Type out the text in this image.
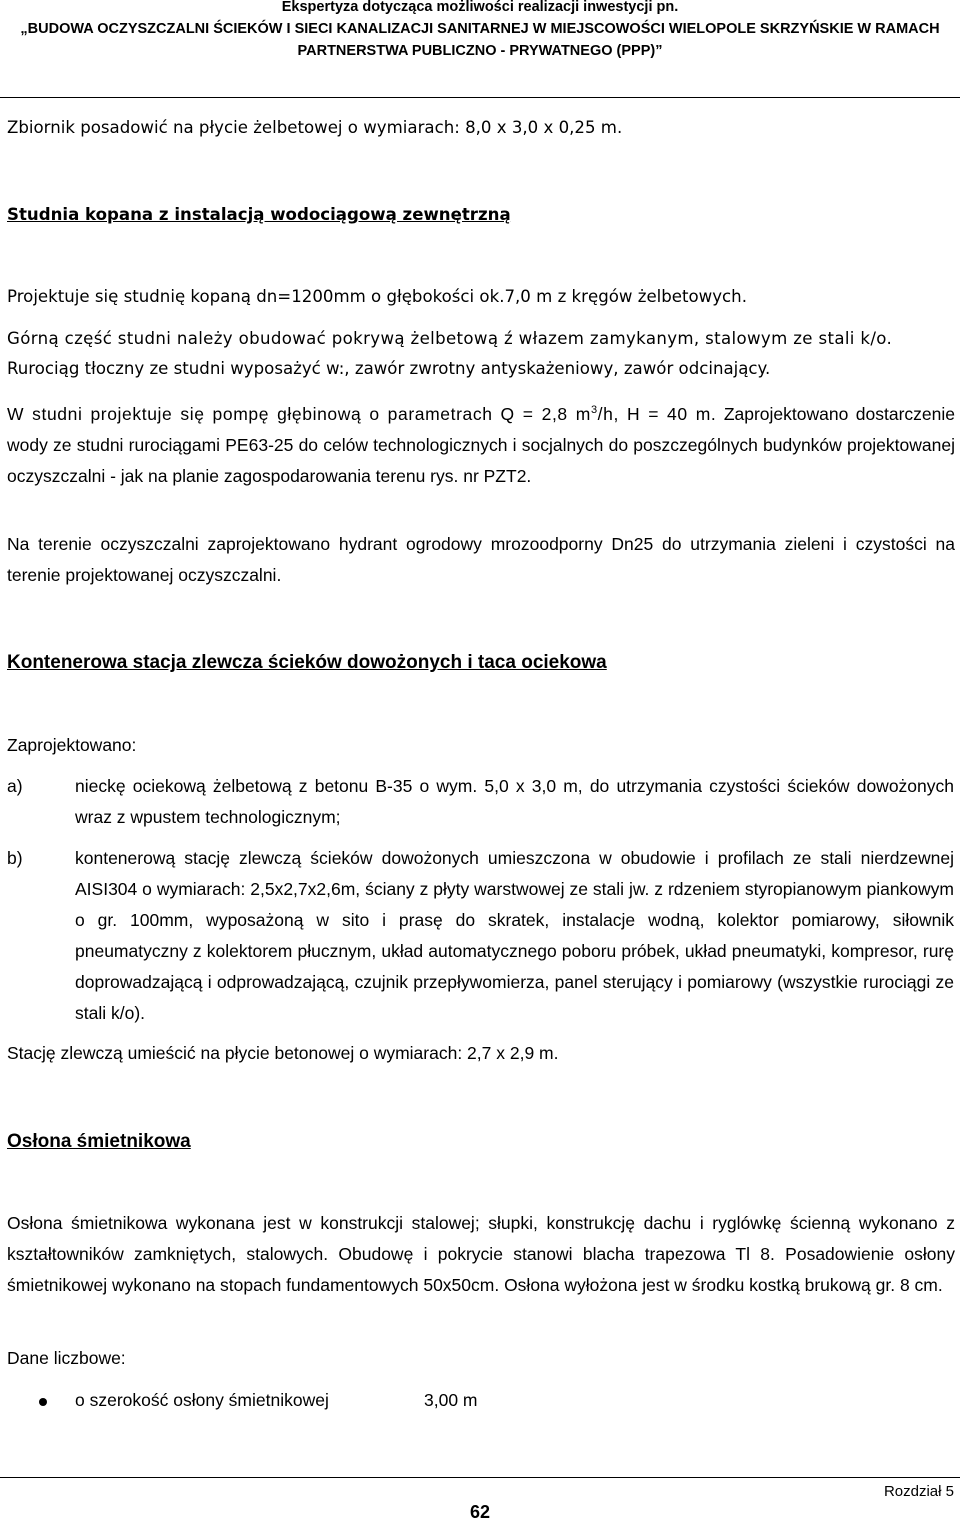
Ekspertyza dotycząca możliwości realizacji inwestycji pn.
„BUDOWA OCZYSZCZALNI ŚCIEKÓW I SIECI KANALIZACJI SANITARNEJ W MIEJSCOWOŚCI WIELOPOLE SKRZYŃSKIE W RAMACH
PARTNERSTWA PUBLICZNO - PRYWATNEGO (PPP)”
Zbiornik posadowić na płycie żelbetowej o wymiarach: 8,0 x 3,0 x 0,25 m.
Studnia kopana z instalacją wodociągową zewnętrzną
Projektuje się studnię kopaną dn=1200mm o głębokości ok.7,0 m z kręgów żelbetowych.
Górną część studni należy obudować pokrywą żelbetową ź włazem zamykanym, stalowym ze stali k/o.
Rurociąg tłoczny ze studni wyposażyć w:, zawór zwrotny antyskażeniowy, zawór odcinający.
W studni projektuje się pompę głębinową o parametrach Q = 2,8 $m^3/h$, H = 40 m. Zaprojektowano dostarczenie wody ze studni rurociągami PE63-25 do celów technologicznych i socjalnych do poszczególnych budynków projektowanej oczyszczalni - jak na planie zagospodarowania terenu rys. nr PZT2.
Na terenie oczyszczalni zaprojektowano hydrant ogrodowy mrozoodporny Dn25 do utrzymania zieleni i czystości na terenie projektowanej oczyszczalni.
Kontenerowa stacja zlewcza ścieków dowożonych i taca ociekowa
Zaprojektowano:
a)	nieckę ociekową żelbetową z betonu B-35 o wym. 5,0 x 3,0 m, do utrzymania czystości ścieków dowożonych wraz z wpustem technologicznym;
b)	kontenerową stację zlewczą ścieków dowożonych umieszczona w obudowie i profilach ze stali nierdzewnej AISI304 o wymiarach: 2,5x2,7x2,6m, ściany z płyty warstwowej ze stali jw. z rdzeniem styropianowym piankowym o gr. 100mm, wyposażoną w sito i prasę do skratek, instalacje wodną, kolektor pomiarowy, siłownik pneumatyczny z kolektorem płucznym, układ automatycznego poboru próbek, układ pneumatyki, kompresor, rurę doprowadzającą i odprowadzającą, czujnik przepływomierza, panel sterujący i pomiarowy (wszystkie rurociągi ze stali k/o).
Stację zlewczą umieścić na płycie betonowej o wymiarach: 2,7 x 2,9 m.
Osłona śmietnikowa
Osłona śmietnikowa wykonana jest w konstrukcji stalowej; słupki, konstrukcję dachu i ryglówkę ścienną wykonano z kształtowników zamkniętych, stalowych. Obudowę i pokrycie stanowi blacha trapezowa Tl 8. Posadowienie osłony śmietnikowej wykonano na stopach fundamentowych 50x50cm. Osłona wyłożona jest w środku kostką brukową gr. 8 cm.
Dane liczbowe:
o szerokość osłony śmietnikowej	3,00 m
Rozdział 5
62
